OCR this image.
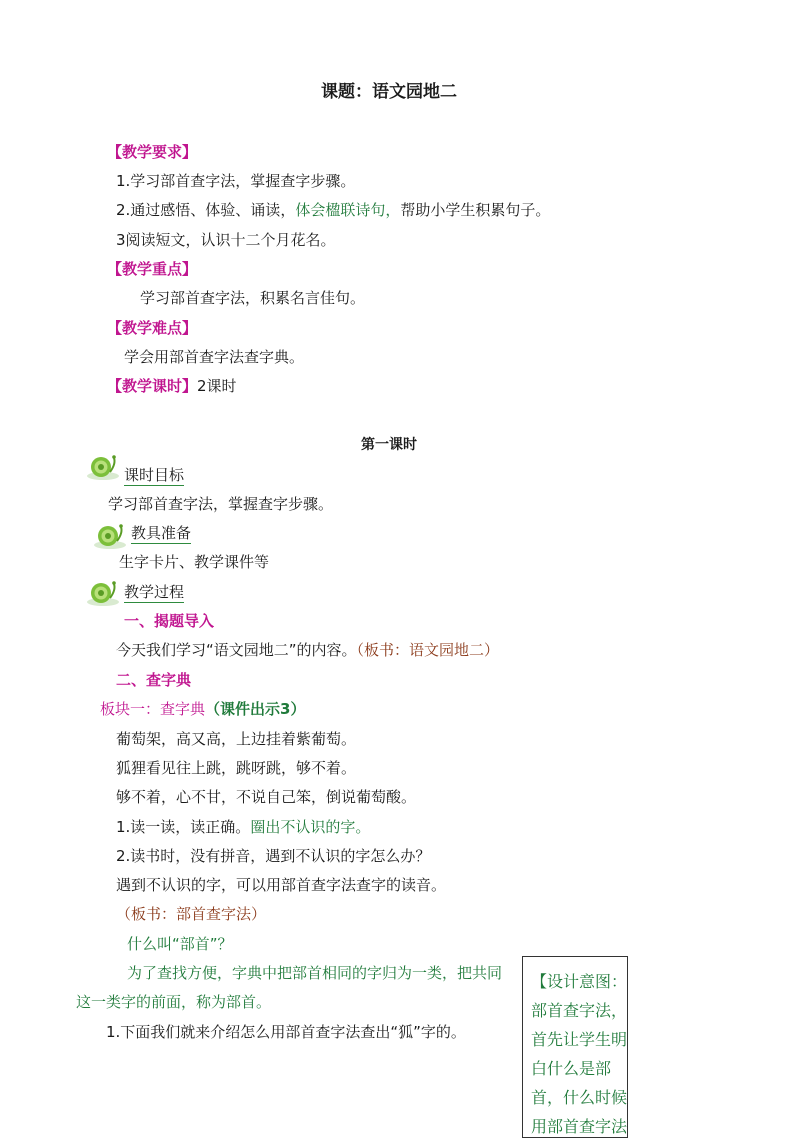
课题：语文园地二
【教学要求】
1.学习部首查字法，掌握查字步骤。
2.通过感悟、体验、诵读，体会楹联诗句，帮助小学生积累句子。
3阅读短文，认识十二个月花名。
【教学重点】
学习部首查字法，积累名言佳句。
【教学难点】
学会用部首查字法查字典。
【教学课时】2课时
第一课时
课时目标
学习部首查字法，掌握查字步骤。
教具准备
生字卡片、教学课件等
教学过程
一、揭题导入
今天我们学习“语文园地二”的内容。（板书：语文园地二）
二、查字典
板块一：查字典（课件出示3）
葡萄架，高又高，上边挂着紫葡萄。
狐狸看见往上跳，跳呀跳，够不着。
够不着，心不甘，不说自己笨，倒说葡萄酸。
1.读一读，读正确。圈出不认识的字。
2.读书时，没有拼音，遇到不认识的字怎么办？
遇到不认识的字，可以用部首查字法查字的读音。
（板书：部首查字法）
什么叫“部首”？
为了查找方便，字典中把部首相同的字归为一类，把共同
这一类字的前面，称为部首。
1.下面我们就来介绍怎么用部首查字法查出“狐”字的。
【设计意图：部首查字法，首先让学生明白什么是部首，什么时候用部首查字法
